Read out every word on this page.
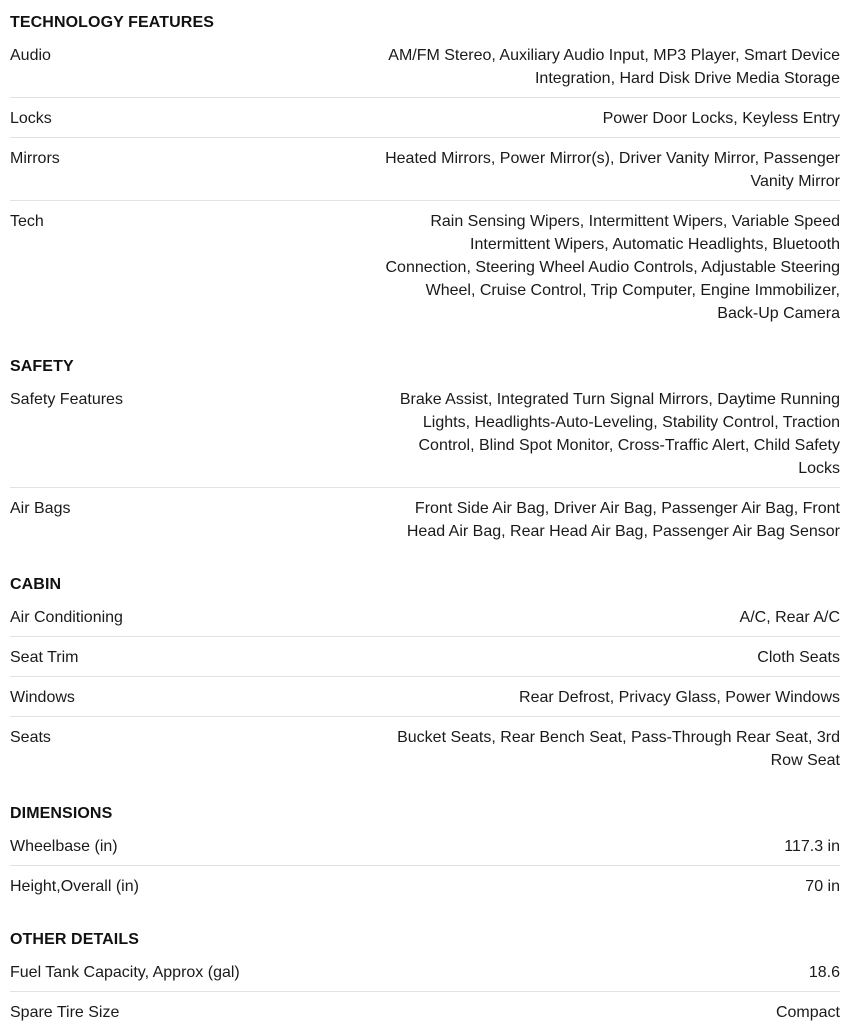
TECHNOLOGY FEATURES
Audio	AM/FM Stereo, Auxiliary Audio Input, MP3 Player, Smart Device Integration, Hard Disk Drive Media Storage
Locks	Power Door Locks, Keyless Entry
Mirrors	Heated Mirrors, Power Mirror(s), Driver Vanity Mirror, Passenger Vanity Mirror
Tech	Rain Sensing Wipers, Intermittent Wipers, Variable Speed Intermittent Wipers, Automatic Headlights, Bluetooth Connection, Steering Wheel Audio Controls, Adjustable Steering Wheel, Cruise Control, Trip Computer, Engine Immobilizer, Back-Up Camera
SAFETY
Safety Features	Brake Assist, Integrated Turn Signal Mirrors, Daytime Running Lights, Headlights-Auto-Leveling, Stability Control, Traction Control, Blind Spot Monitor, Cross-Traffic Alert, Child Safety Locks
Air Bags	Front Side Air Bag, Driver Air Bag, Passenger Air Bag, Front Head Air Bag, Rear Head Air Bag, Passenger Air Bag Sensor
CABIN
Air Conditioning	A/C, Rear A/C
Seat Trim	Cloth Seats
Windows	Rear Defrost, Privacy Glass, Power Windows
Seats	Bucket Seats, Rear Bench Seat, Pass-Through Rear Seat, 3rd Row Seat
DIMENSIONS
Wheelbase (in)	117.3 in
Height,Overall (in)	70 in
OTHER DETAILS
Fuel Tank Capacity, Approx (gal)	18.6
Spare Tire Size	Compact
